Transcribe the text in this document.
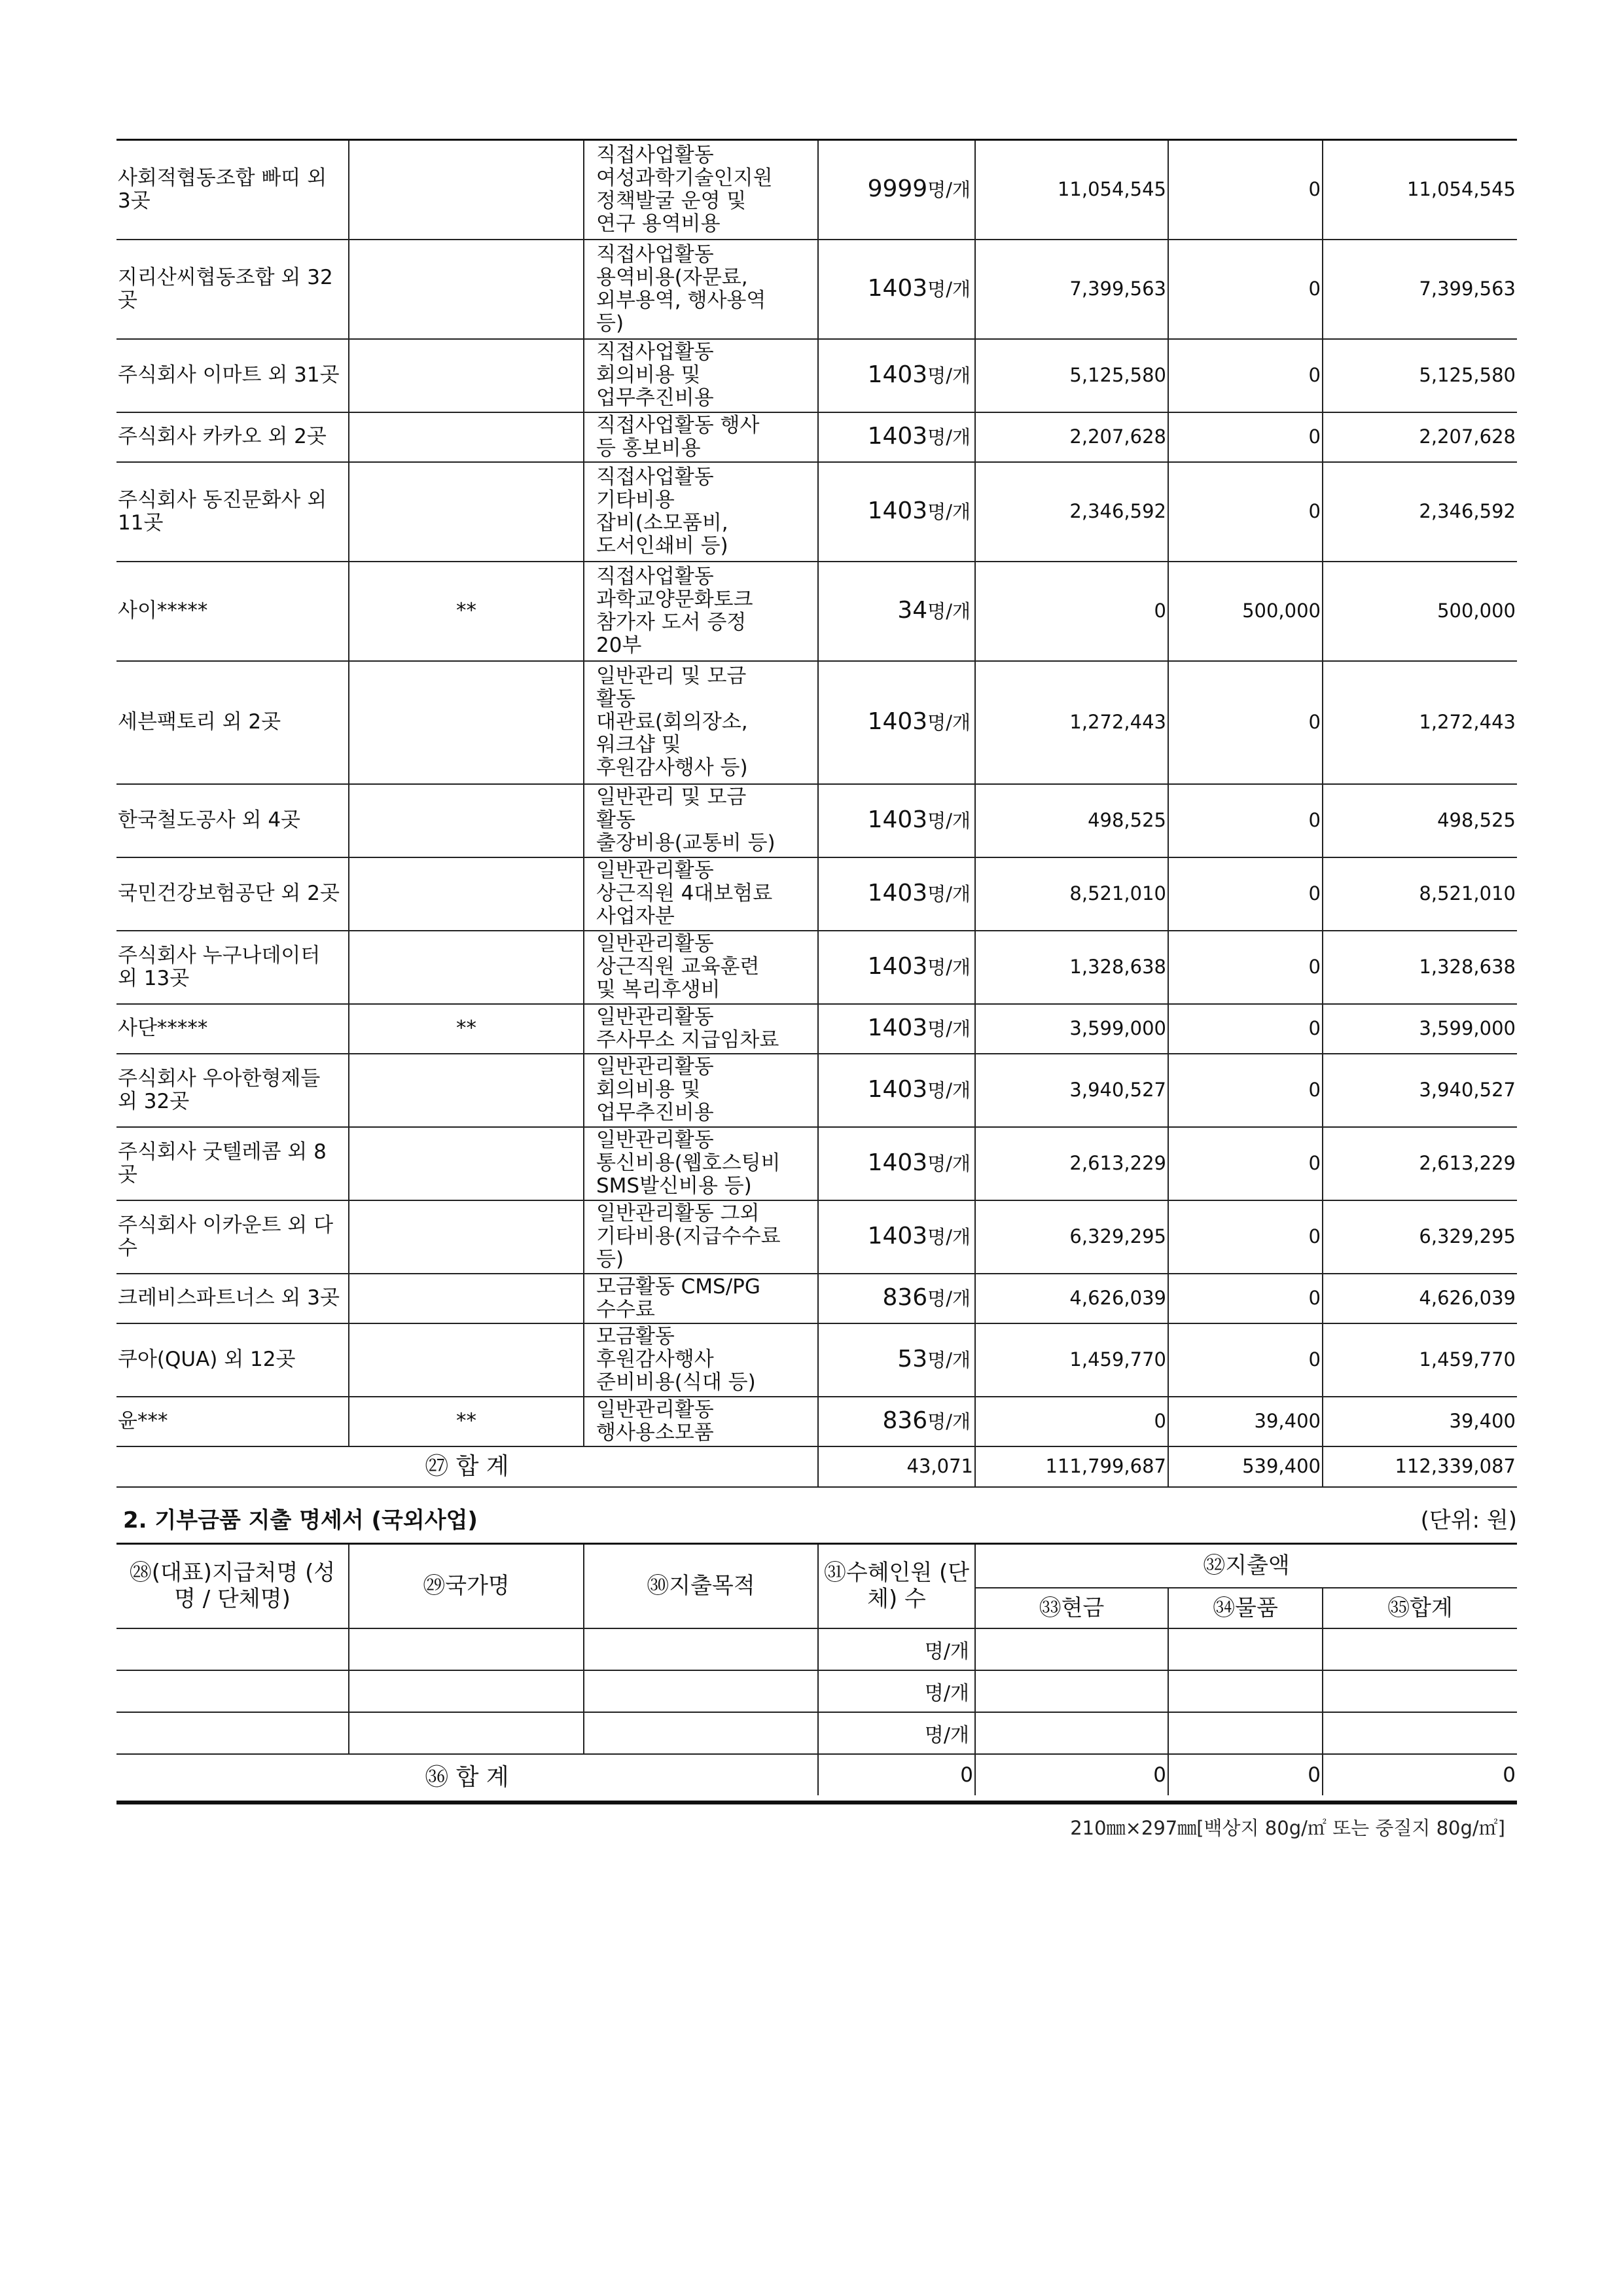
사회적협동조합 빠띠 외 3곳		직접사업활동
여성과학기술인지원
정책발굴 운영 및
연구 용역비용	9999명/개	11,054,545	0	11,054,545
지리산씨협동조합 외 32곳		직접사업활동
용역비용(자문료,
외부용역, 행사용역
등)	1403명/개	7,399,563	0	7,399,563
주식회사 이마트 외 31곳		직접사업활동
회의비용 및
업무추진비용	1403명/개	5,125,580	0	5,125,580
주식회사 카카오 외 2곳		직접사업활동 행사
등 홍보비용	1403명/개	2,207,628	0	2,207,628
주식회사 동진문화사 외 11곳		직접사업활동
기타비용
잡비(소모품비,
도서인쇄비 등)	1403명/개	2,346,592	0	2,346,592
사이*****	**	직접사업활동
과학교양문화토크
참가자 도서 증정
20부	34명/개	0	500,000	500,000
세븐팩토리 외 2곳		일반관리 및 모금
활동
대관료(회의장소,
워크샵 및
후원감사행사 등)	1403명/개	1,272,443	0	1,272,443
한국철도공사 외 4곳		일반관리 및 모금
활동
출장비용(교통비 등)	1403명/개	498,525	0	498,525
국민건강보험공단 외 2곳		일반관리활동
상근직원 4대보험료
사업자분	1403명/개	8,521,010	0	8,521,010
주식회사 누구나데이터 외 13곳		일반관리활동
상근직원 교육훈련
및 복리후생비	1403명/개	1,328,638	0	1,328,638
사단*****	**	일반관리활동
주사무소 지급임차료	1403명/개	3,599,000	0	3,599,000
주식회사 우아한형제들 외 32곳		일반관리활동
회의비용 및
업무추진비용	1403명/개	3,940,527	0	3,940,527
주식회사 굿텔레콤 외 8곳		일반관리활동
통신비용(웹호스팅비
SMS발신비용 등)	1403명/개	2,613,229	0	2,613,229
주식회사 이카운트 외 다수		일반관리활동 그외
기타비용(지급수수료
등)	1403명/개	6,329,295	0	6,329,295
크레비스파트너스 외 3곳		모금활동 CMS/PG
수수료	836명/개	4,626,039	0	4,626,039
쿠아(QUA) 외 12곳		모금활동
후원감사행사
준비비용(식대 등)	53명/개	1,459,770	0	1,459,770
윤***	**	일반관리활동
행사용소모품	836명/개	0	39,400	39,400
㉗ 합 계			43,071	111,799,687	539,400	112,339,087
2. 기부금품 지출 명세서 (국외사업)	(단위: 원)
㉘(대표)지급처명 (성명 / 단체명)	㉙국가명	㉚지출목적	㉛수혜인원 (단체) 수	㉜지출액		
				㉝현금	㉞물품	㉟합계
			명/개			
			명/개			
			명/개			
㊱ 합 계			0	0	0	0
210㎜×297㎜[백상지 80g/㎡ 또는 중질지 80g/㎡]
